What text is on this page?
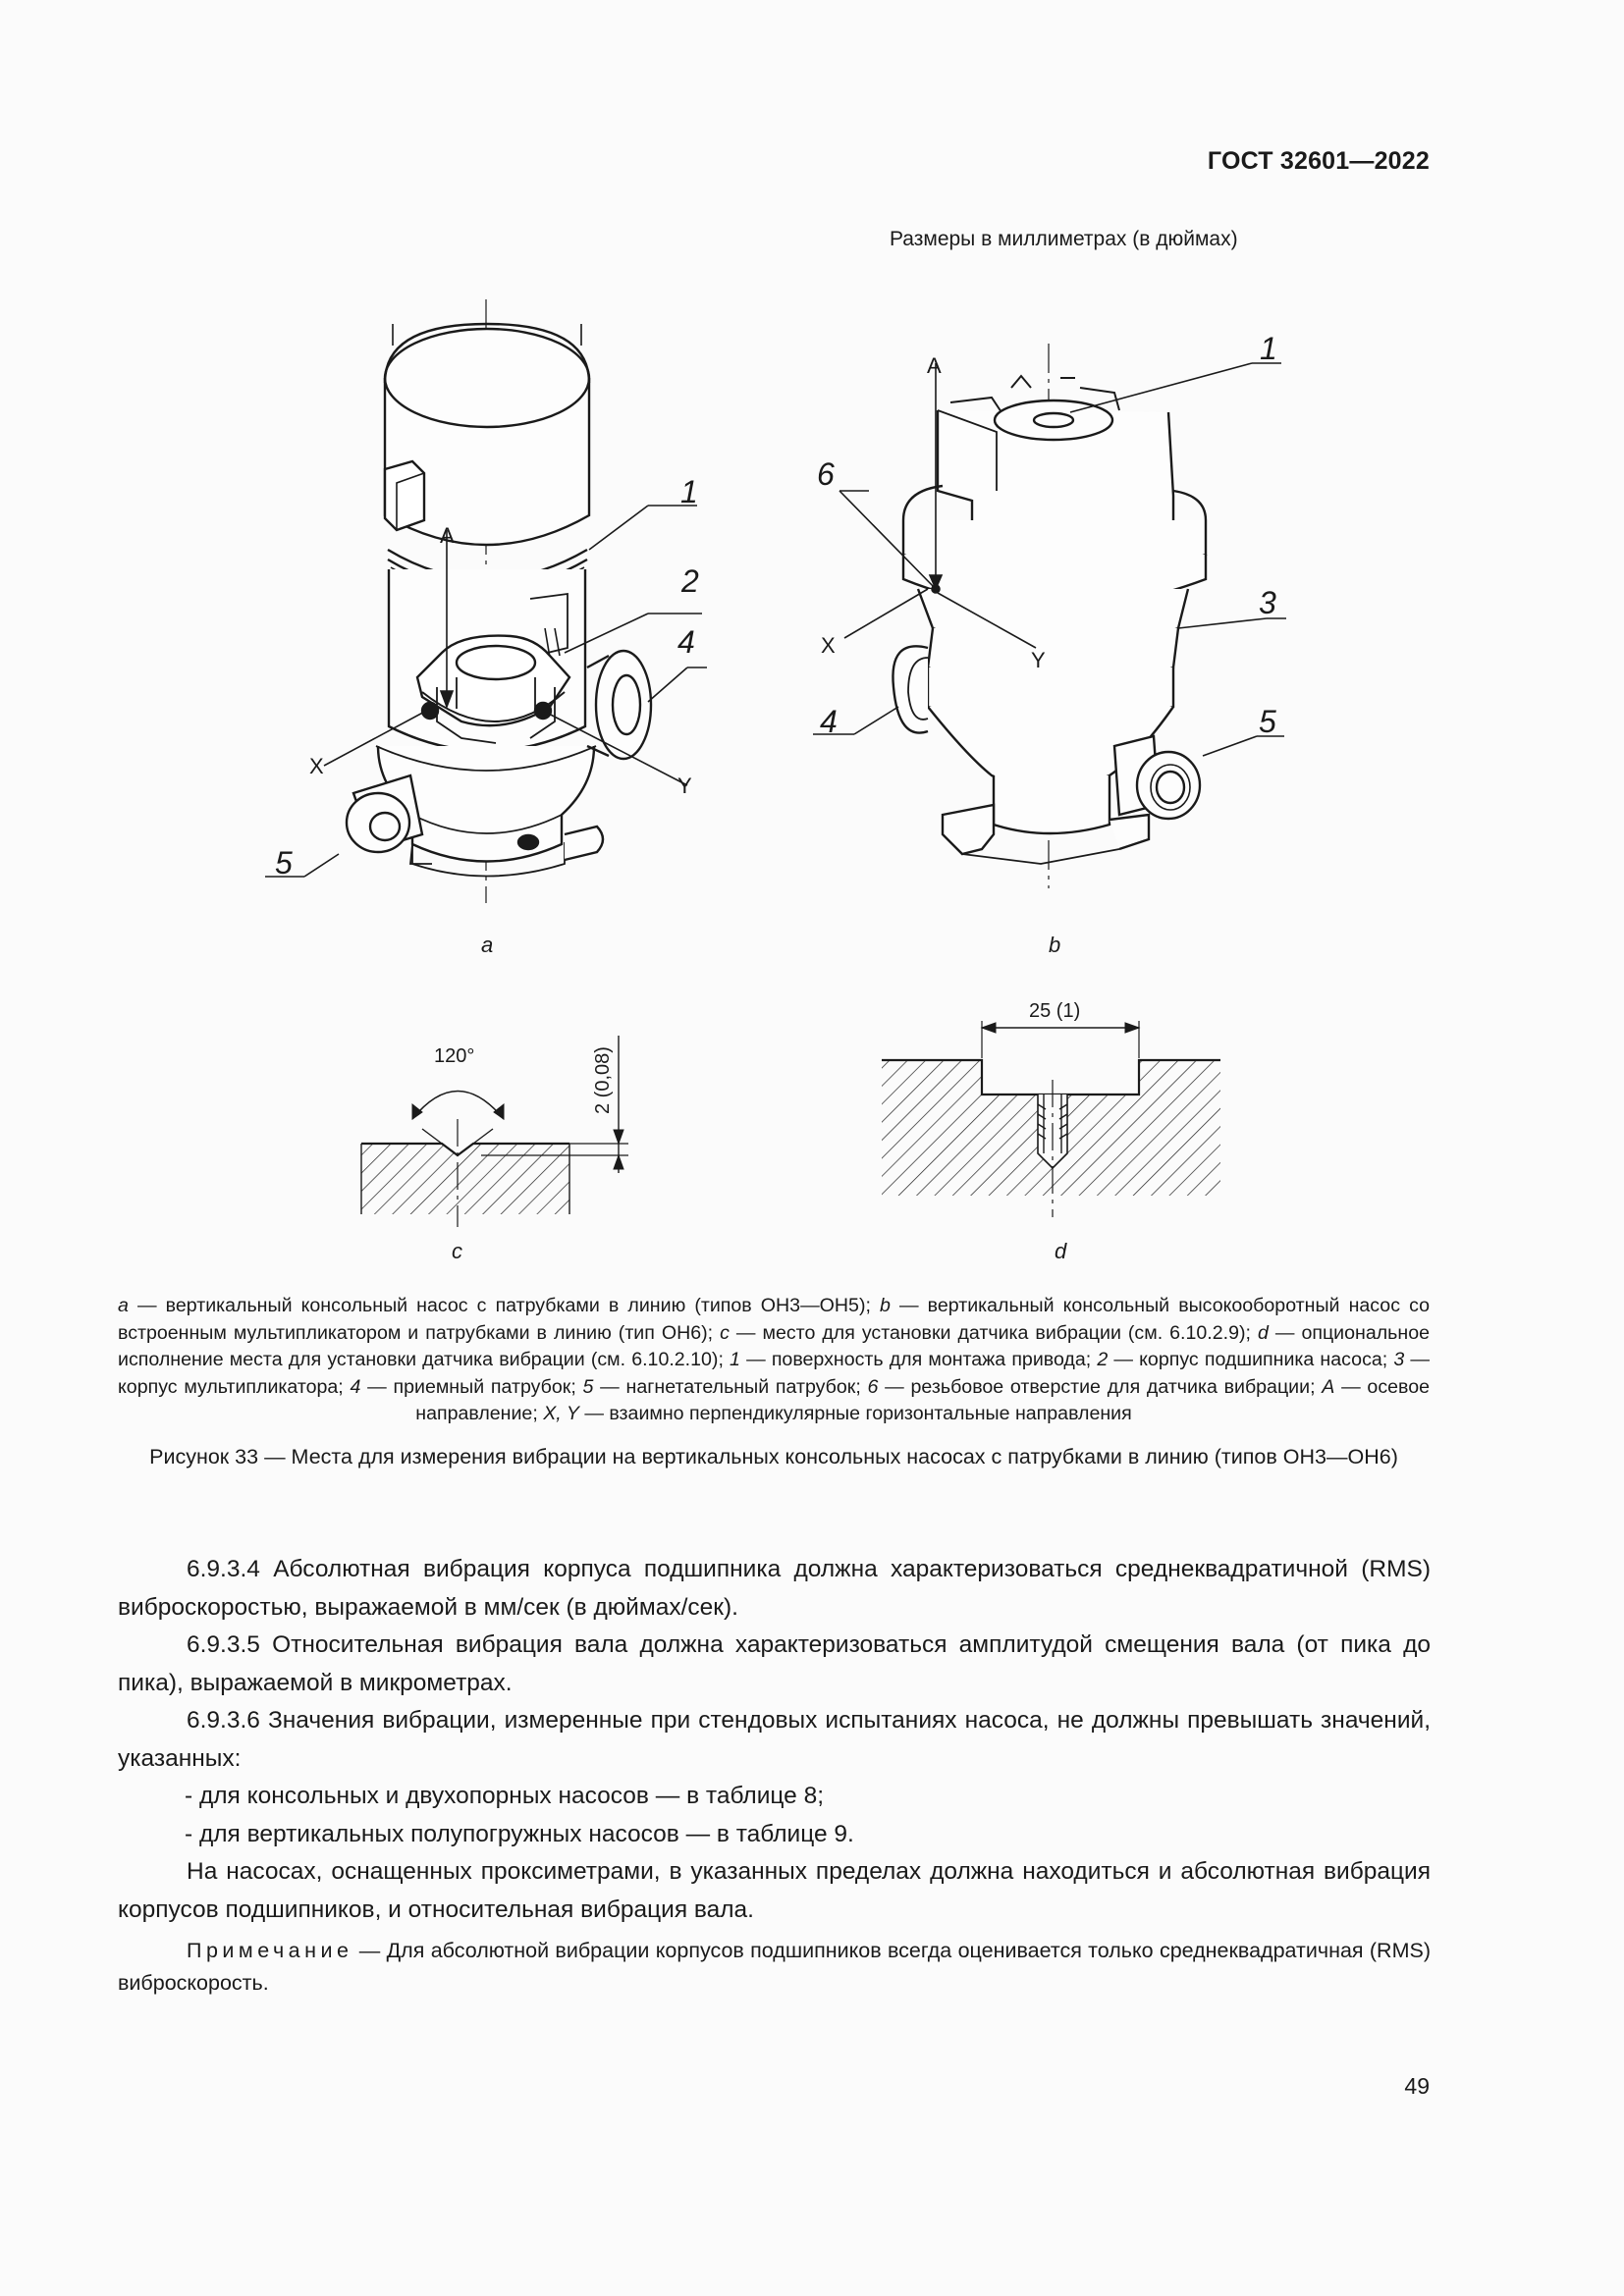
ГОСТ 32601—2022
Размеры в миллиметрах (в дюймах)
1
2
4
5
A
X
Y
1
6
3
4	5
A
X
Y
120°	2 (0,08)
25 (1)
a	b
c	d
a — вертикальный консольный насос с патрубками в линию (типов ОН3—ОН5); b — вертикальный консольный высокооборотный насос со встроенным мультипликатором и патрубками в линию (тип ОН6); c — место для установки датчика вибрации (см. 6.10.2.9); d — опциональное исполнение места для установки датчика вибрации (см. 6.10.2.10); 1 — поверхность для монтажа привода; 2 — корпус подшипника насоса; 3 — корпус мультипликатора; 4 — приемный патрубок; 5 — нагнетательный патрубок; 6 — резьбовое отверстие для датчика вибрации; A — осевое направление; X, Y — взаимно перпендикулярные горизонтальные направления
Рисунок 33 — Места для измерения вибрации на вертикальных консольных насосах с патрубками в линию (типов ОН3—ОН6)

6.9.3.4 Абсолютная вибрация корпуса подшипника должна характеризоваться среднеквадратичной (RMS) виброскоростью, выражаемой в мм/сек (в дюймах/сек).

6.9.3.5 Относительная вибрация вала должна характеризоваться амплитудой смещения вала (от пика до пика), выражаемой в микрометрах.

6.9.3.6 Значения вибрации, измеренные при стендовых испытаниях насоса, не должны превышать значений, указанных:

- для консольных и двухопорных насосов — в таблице 8;

- для вертикальных полупогружных насосов — в таблице 9.

На насосах, оснащенных проксиметрами, в указанных пределах должна находиться и абсолютная вибрация корпусов подшипников, и относительная вибрация вала.

Примечание — Для абсолютной вибрации корпусов подшипников всегда оценивается только среднеквадратичная (RMS) виброскорость.

49
